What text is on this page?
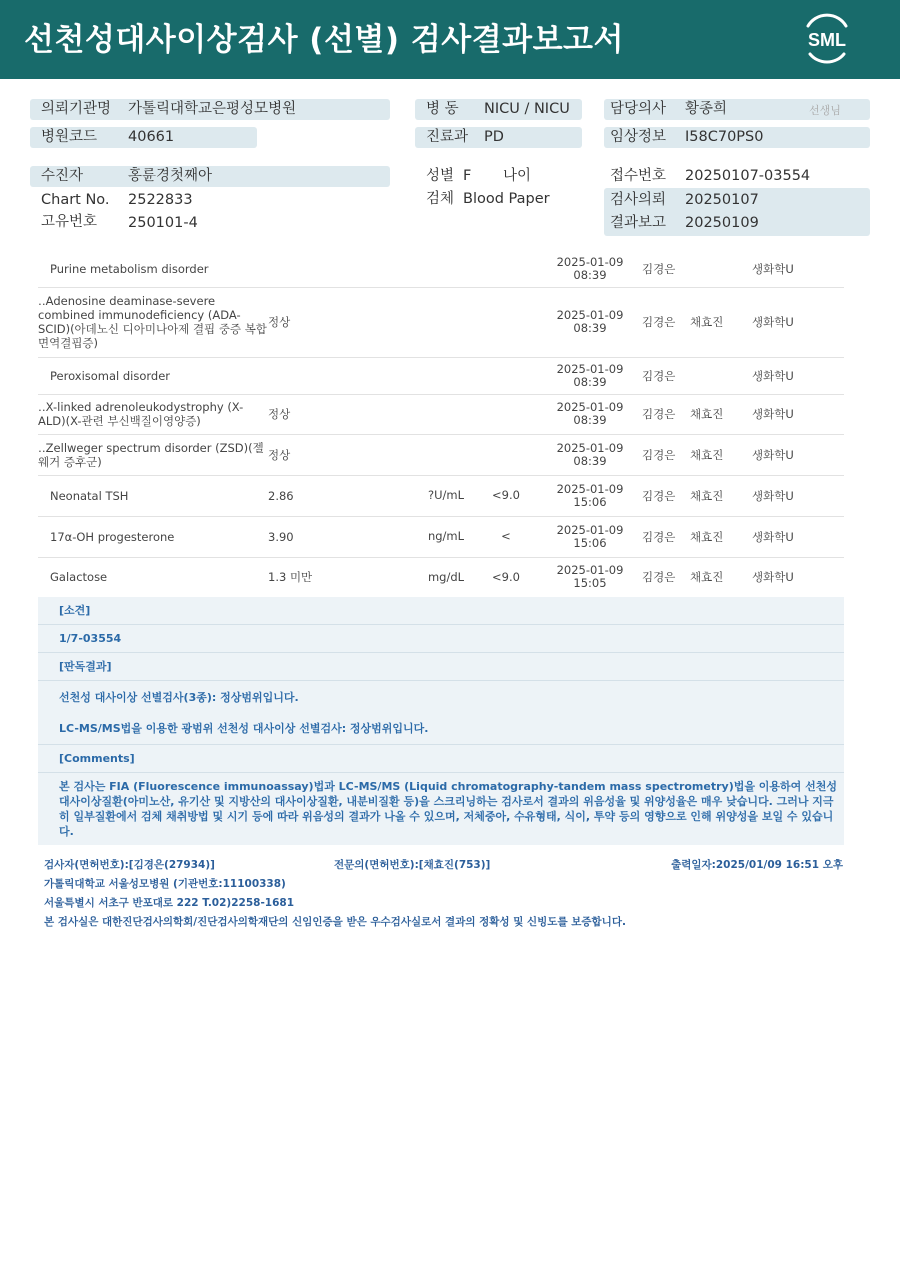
선천성대사이상검사 (선별) 검사결과보고서	SML
의뢰기관명 가톨릭대학교은평성모병원
병원코드 40661
병 동 NICU / NICU
진료과 PD
담당의사 황종희	선생님
임상정보 I58C70PS0
수진자	홍륜경첫째아
Chart No. 2522833
고유번호 250101-4
성별 F 나이
검체 Blood Paper
접수번호 20250107-03554
검사의뢰 20250107
결과보고 20250109
Purine metabolism disorder				2025-01-09
08:39	김경은		생화학U
‥Adenosine deaminase-severe combined immunodeficiency (ADA-SCID)(아데노신 디아미나아제 결핍 중증 복합면역결핍증)	정상			2025-01-09
08:39	김경은	채효진	생화학U
Peroxisomal disorder				2025-01-09
08:39	김경은		생화학U
‥X-linked adrenoleukodystrophy (X-ALD)(X-관련 부신백질이영양증)	정상			2025-01-09
08:39	김경은	채효진	생화학U
‥Zellweger spectrum disorder (ZSD)(젤웨거 증후군)	정상			2025-01-09
08:39	김경은	채효진	생화학U
Neonatal TSH	2.86	?U/mL	<9.0	2025-01-09
15:06	김경은	채효진	생화학U
17α-OH progesterone	3.90	ng/mL	<	2025-01-09
15:06	김경은	채효진	생화학U
Galactose	1.3 미만	mg/dL	<9.0	2025-01-09
15:05	김경은	채효진	생화학U
[소견]
1/7-03554
[판독결과]
선천성 대사이상 선별검사(3종): 정상범위입니다.
LC-MS/MS법을 이용한 광범위 선천성 대사이상 선별검사: 정상범위입니다.
[Comments]
본 검사는 FIA (Fluorescence immunoassay)법과 LC-MS/MS (Liquid chromatography-tandem mass spectrometry)법을 이용하여 선천성 대사이상질환(아미노산, 유기산 및 지방산의 대사이상질환, 내분비질환 등)을 스크리닝하는 검사로서 결과의 위음성율 및 위양성율은 매우 낮습니다. 그러나 지극히 일부질환에서 검체 채취방법 및 시기 등에 따라 위음성의 결과가 나올 수 있으며, 저체중아, 수유형태, 식이, 투약 등의 영향으로 인해 위양성을 보일 수 있습니다.
검사자(면허번호):[김경은(27934)]	전문의(면허번호):[채효진(753)]	출력일자:2025/01/09 16:51 오후
가톨릭대학교 서울성모병원 (기관번호:11100338)
서울특별시 서초구 반포대로 222 T.02)2258-1681
본 검사실은 대한진단검사의학회/진단검사의학재단의 신임인증을 받은 우수검사실로서 결과의 정확성 및 신빙도를 보증합니다.
